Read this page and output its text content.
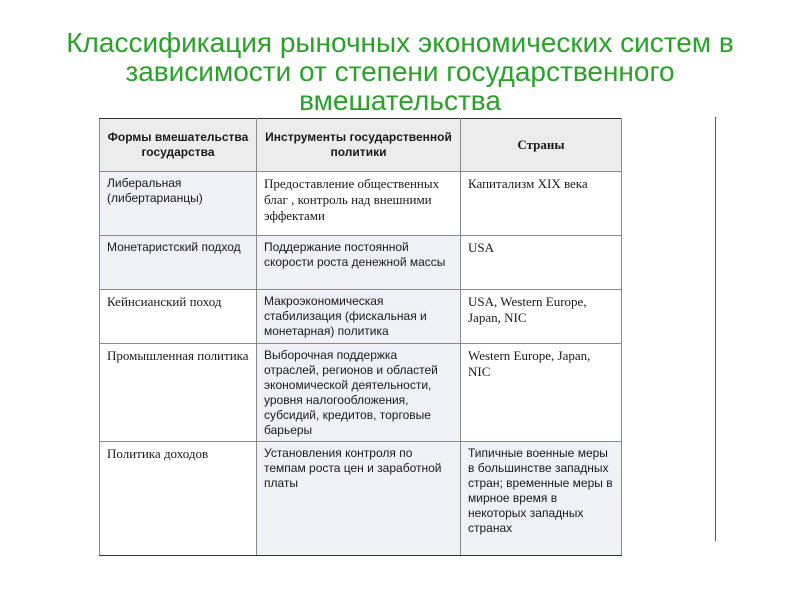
Классификация рыночных экономических систем в зависимости от степени государственного вмешательства
Формы вмешательства государства	Инструменты государственной политики	Страны
Либеральная (либертарианцы)	Предоставление общественных благ , контроль над внешними эффектами	Капитализм XIX века
Монетаристский подход	Поддержание постоянной скорости роста денежной массы	USA
Кейнсианский поход	Макроэкономическая стабилизация (фискальная и монетарная) политика	USA, Western Europe, Japan, NIC
Промышленная политика	Выборочная поддержка отраслей, регионов и областей экономической деятельности, уровня налогообложения, субсидий, кредитов, торговые барьеры	Western Europe, Japan, NIC
Политика доходов	Установления контроля по темпам роста цен и заработной платы	Типичные военные меры в большинстве западных стран; временные меры в мирное время в некоторых западных странах
